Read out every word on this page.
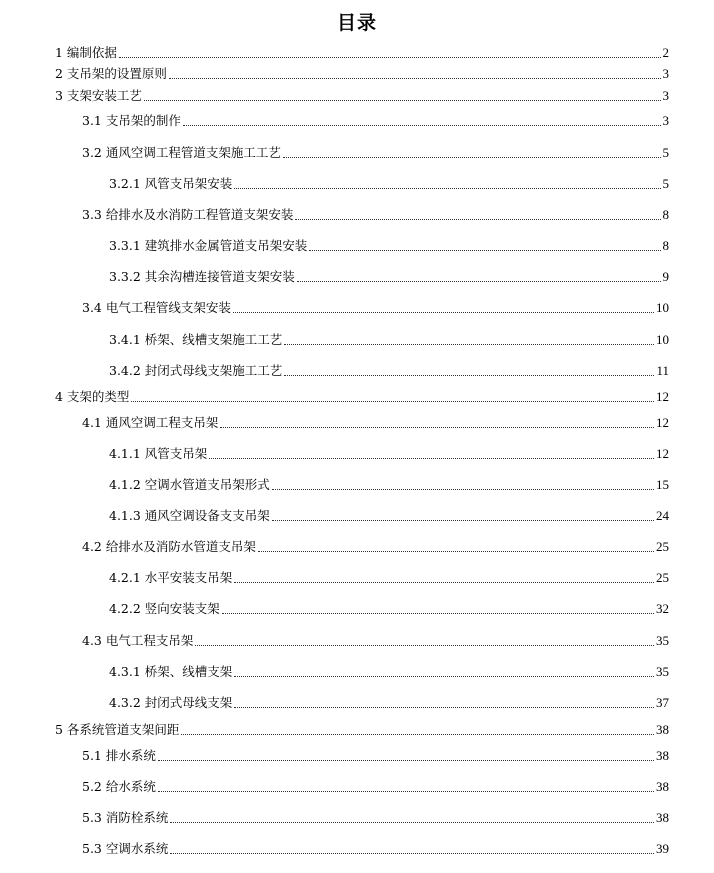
目录
1 编制依据	2
2 支吊架的设置原则	3
3 支架安装工艺	3
3.1 支吊架的制作	3
3.2 通风空调工程管道支架施工工艺	5
3.2.1 风管支吊架安装	5
3.3 给排水及水消防工程管道支架安装	8
3.3.1 建筑排水金属管道支吊架安装	8
3.3.2 其余沟槽连接管道支架安装	9
3.4 电气工程管线支架安装	10
3.4.1 桥架、线槽支架施工工艺	10
3.4.2 封闭式母线支架施工工艺	11
4 支架的类型	12
4.1 通风空调工程支吊架	12
4.1.1 风管支吊架	12
4.1.2 空调水管道支吊架形式	15
4.1.3 通风空调设备支支吊架	24
4.2 给排水及消防水管道支吊架	25
4.2.1 水平安装支吊架	25
4.2.2 竖向安装支架	32
4.3 电气工程支吊架	35
4.3.1 桥架、线槽支架	35
4.3.2 封闭式母线支架	37
5 各系统管道支架间距	38
5.1 排水系统	38
5.2 给水系统	38
5.3 消防栓系统	38
5.3 空调水系统	39
